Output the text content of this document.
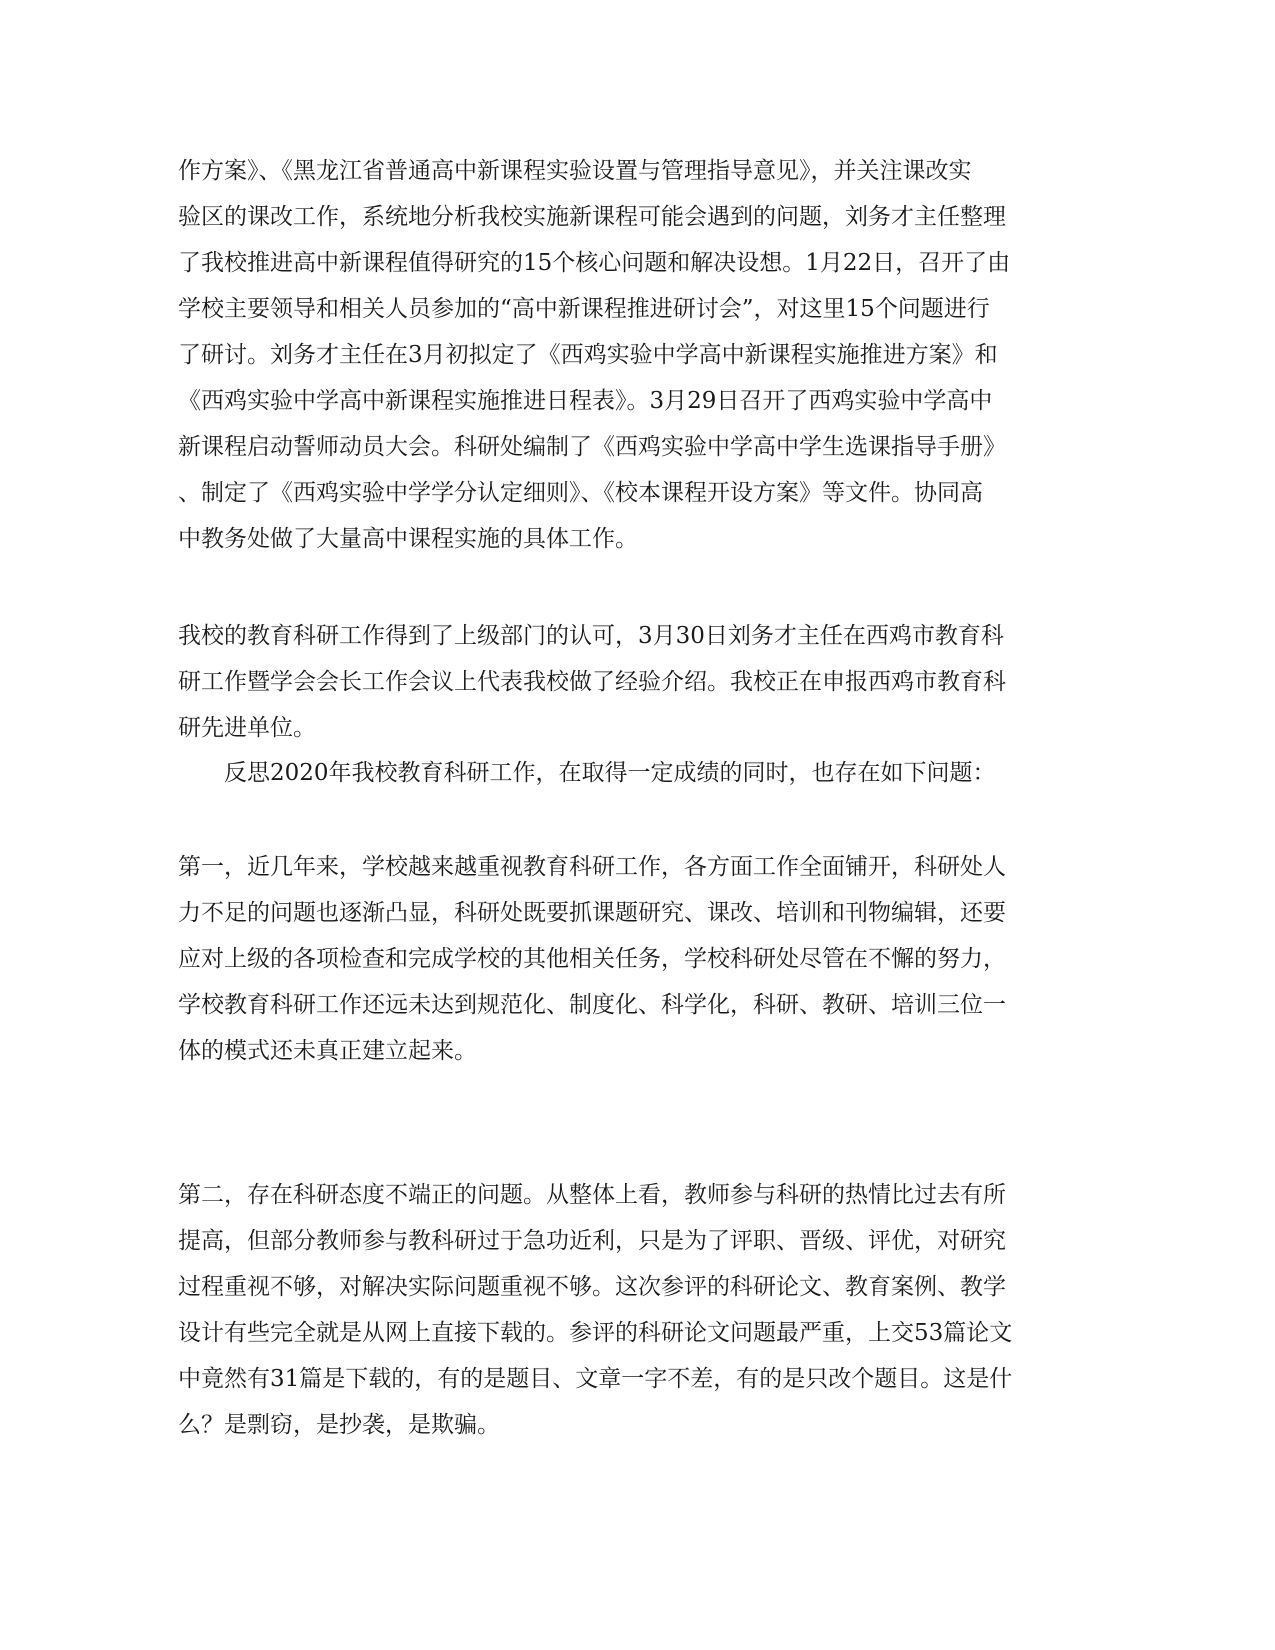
作方案》、《黑龙江省普通高中新课程实验设置与管理指导意见》，并关注课改实
验区的课改工作，系统地分析我校实施新课程可能会遇到的问题，刘务才主任整理
了我校推进高中新课程值得研究的15个核心问题和解决设想。1月22日，召开了由
学校主要领导和相关人员参加的“高中新课程推进研讨会”，对这里15个问题进行
了研讨。刘务才主任在3月初拟定了《西鸡实验中学高中新课程实施推进方案》和
《西鸡实验中学高中新课程实施推进日程表》。3月29日召开了西鸡实验中学高中
新课程启动誓师动员大会。科研处编制了《西鸡实验中学高中学生选课指导手册》
、制定了《西鸡实验中学学分认定细则》、《校本课程开设方案》等文件。协同高
中教务处做了大量高中课程实施的具体工作。
我校的教育科研工作得到了上级部门的认可，3月30日刘务才主任在西鸡市教育科
研工作暨学会会长工作会议上代表我校做了经验介绍。我校正在申报西鸡市教育科
研先进单位。
反思2020年我校教育科研工作，在取得一定成绩的同时，也存在如下问题：
第一，近几年来，学校越来越重视教育科研工作，各方面工作全面铺开，科研处人
力不足的问题也逐渐凸显，科研处既要抓课题研究、课改、培训和刊物编辑，还要
应对上级的各项检查和完成学校的其他相关任务，学校科研处尽管在不懈的努力，
学校教育科研工作还远未达到规范化、制度化、科学化，科研、教研、培训三位一
体的模式还未真正建立起来。
第二，存在科研态度不端正的问题。从整体上看，教师参与科研的热情比过去有所
提高，但部分教师参与教科研过于急功近利，只是为了评职、晋级、评优，对研究
过程重视不够，对解决实际问题重视不够。这次参评的科研论文、教育案例、教学
设计有些完全就是从网上直接下载的。参评的科研论文问题最严重，上交53篇论文
中竟然有31篇是下载的，有的是题目、文章一字不差，有的是只改个题目。这是什
么？是剽窃，是抄袭，是欺骗。
